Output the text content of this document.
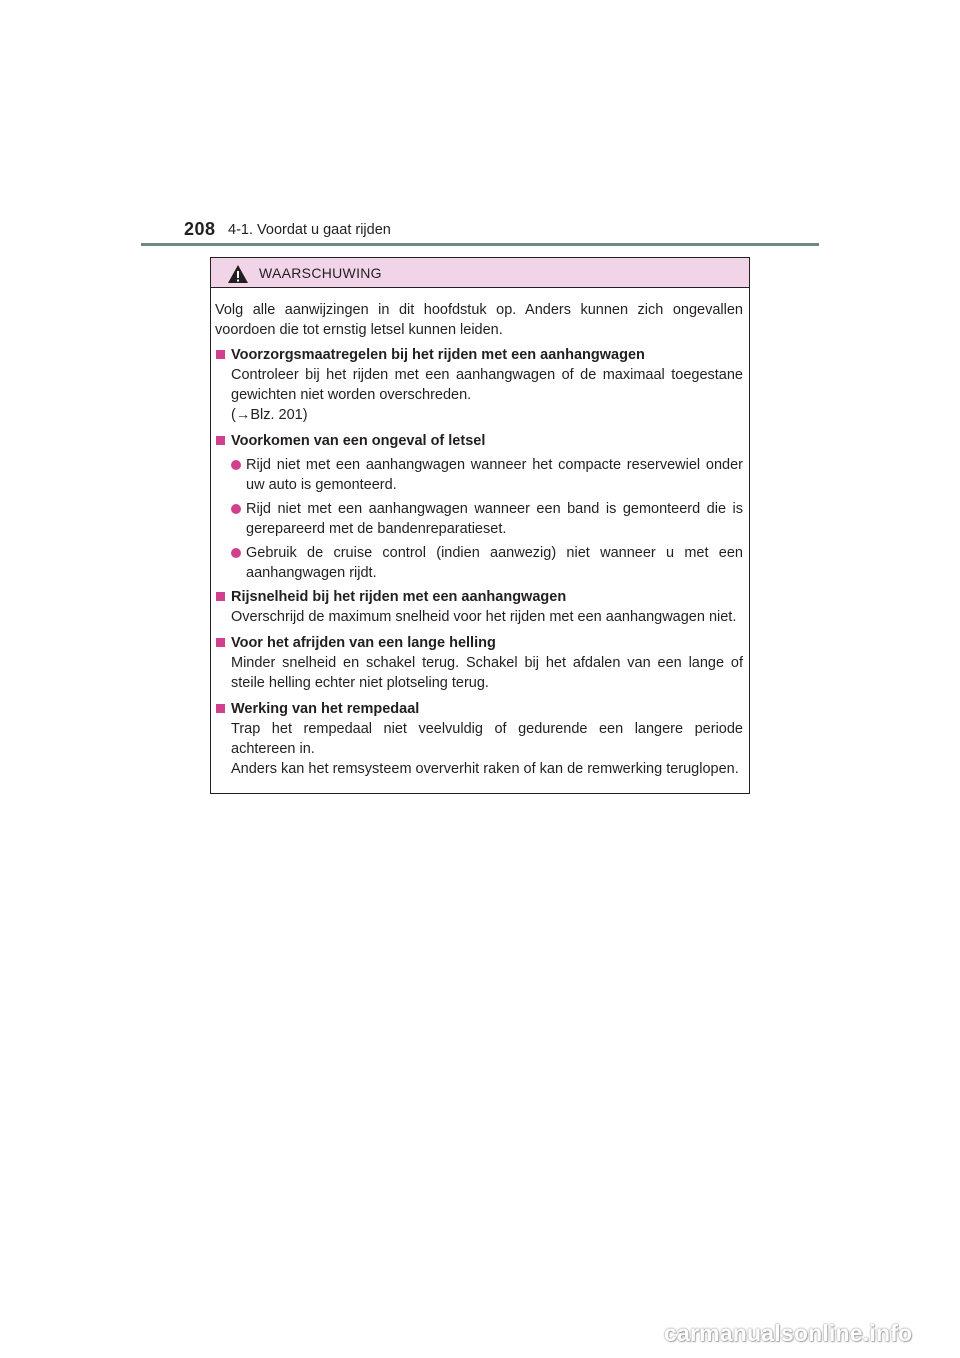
208 4-1. Voordat u gaat rijden
WAARSCHUWING
Volg alle aanwijzingen in dit hoofdstuk op. Anders kunnen zich ongevallen voordoen die tot ernstig letsel kunnen leiden.
Voorzorgsmaatregelen bij het rijden met een aanhangwagen
Controleer bij het rijden met een aanhangwagen of de maximaal toegestane gewichten niet worden overschreden.
(→Blz. 201)
Voorkomen van een ongeval of letsel
Rijd niet met een aanhangwagen wanneer het compacte reservewiel onder uw auto is gemonteerd.
Rijd niet met een aanhangwagen wanneer een band is gemonteerd die is gerepareerd met de bandenreparatieset.
Gebruik de cruise control (indien aanwezig) niet wanneer u met een aanhangwagen rijdt.
Rijsnelheid bij het rijden met een aanhangwagen
Overschrijd de maximum snelheid voor het rijden met een aanhangwagen niet.
Voor het afrijden van een lange helling
Minder snelheid en schakel terug. Schakel bij het afdalen van een lange of steile helling echter niet plotseling terug.
Werking van het rempedaal
Trap het rempedaal niet veelvuldig of gedurende een langere periode achtereen in.
Anders kan het remsysteem oververhit raken of kan de remwerking teruglopen.
carmanualsonline.info
